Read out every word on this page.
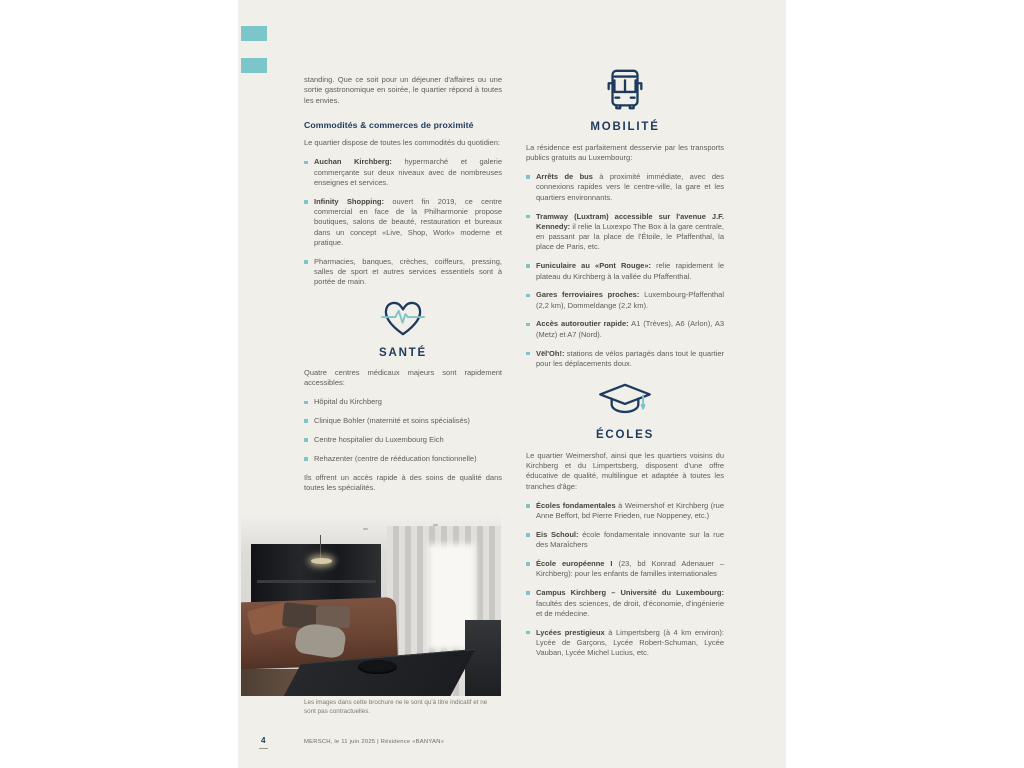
standing. Que ce soit pour un déjeuner d'affaires ou une sortie gastronomique en soirée, le quartier répond à toutes les envies.

Commodités & commerces de proximité

Le quartier dispose de toutes les commodités du quotidien:

Auchan Kirchberg: hypermarché et galerie commerçante sur deux niveaux avec de nombreuses enseignes et services.
Infinity Shopping: ouvert fin 2019, ce centre commercial en face de la Philharmonie propose boutiques, salons de beauté, restauration et bureaux dans un concept «Live, Shop, Work» moderne et pratique.
Pharmacies, banques, crèches, coiffeurs, pressing, salles de sport et autres services essentiels sont à portée de main.
SANTÉ

Quatre centres médicaux majeurs sont rapidement accessibles:

Hôpital du Kirchberg
Clinique Bohler (maternité et soins spécialisés)
Centre hospitalier du Luxembourg Eich
Rehazenter (centre de rééducation fonctionnelle)

Ils offrent un accès rapide à des soins de qualité dans toutes les spécialités.

MOBILITÉ

La résidence est parfaitement desservie par les transports publics gratuits au Luxembourg:

Arrêts de bus à proximité immédiate, avec des connexions rapides vers le centre-ville, la gare et les quartiers environnants.
Tramway (Luxtram) accessible sur l'avenue J.F. Kennedy: il relie la Luxexpo The Box à la gare centrale, en passant par la place de l'Étoile, le Pfaffenthal, la place de Paris, etc.
Funiculaire au «Pont Rouge»: relie rapidement le plateau du Kirchberg à la vallée du Pfaffenthal.
Gares ferroviaires proches: Luxembourg-Pfaffenthal (2,2 km), Dommeldange (2,2 km).
Accès autoroutier rapide: A1 (Trèves), A6 (Arlon), A3 (Metz) et A7 (Nord).
Vël'Oh!: stations de vélos partagés dans tout le quartier pour les déplacements doux.
ÉCOLES

Le quartier Weimershof, ainsi que les quartiers voisins du Kirchberg et du Limpertsberg, disposent d'une offre éducative de qualité, multilingue et adaptée à toutes les tranches d'âge:

Écoles fondamentales à Weimershof et Kirchberg (rue Anne Beffort, bd Pierre Frieden, rue Noppeney, etc.)
Eis Schoul: école fondamentale innovante sur la rue des Maraîchers
École européenne I (23, bd Konrad Adenauer – Kirchberg): pour les enfants de familles internationales
Campus Kirchberg – Université du Luxembourg: facultés des sciences, de droit, d'économie, d'ingénierie et de médecine.
Lycées prestigieux à Limpertsberg (à 4 km environ): Lycée de Garçons, Lycée Robert-Schuman, Lycée Vauban, Lycée Michel Lucius, etc.
Les images dans cette brochure ne le sont qu'à titre indicatif et ne sont pas contractuelles.
4	MERSCH, le 11 juin 2025 | Résidence «BANYAN»
